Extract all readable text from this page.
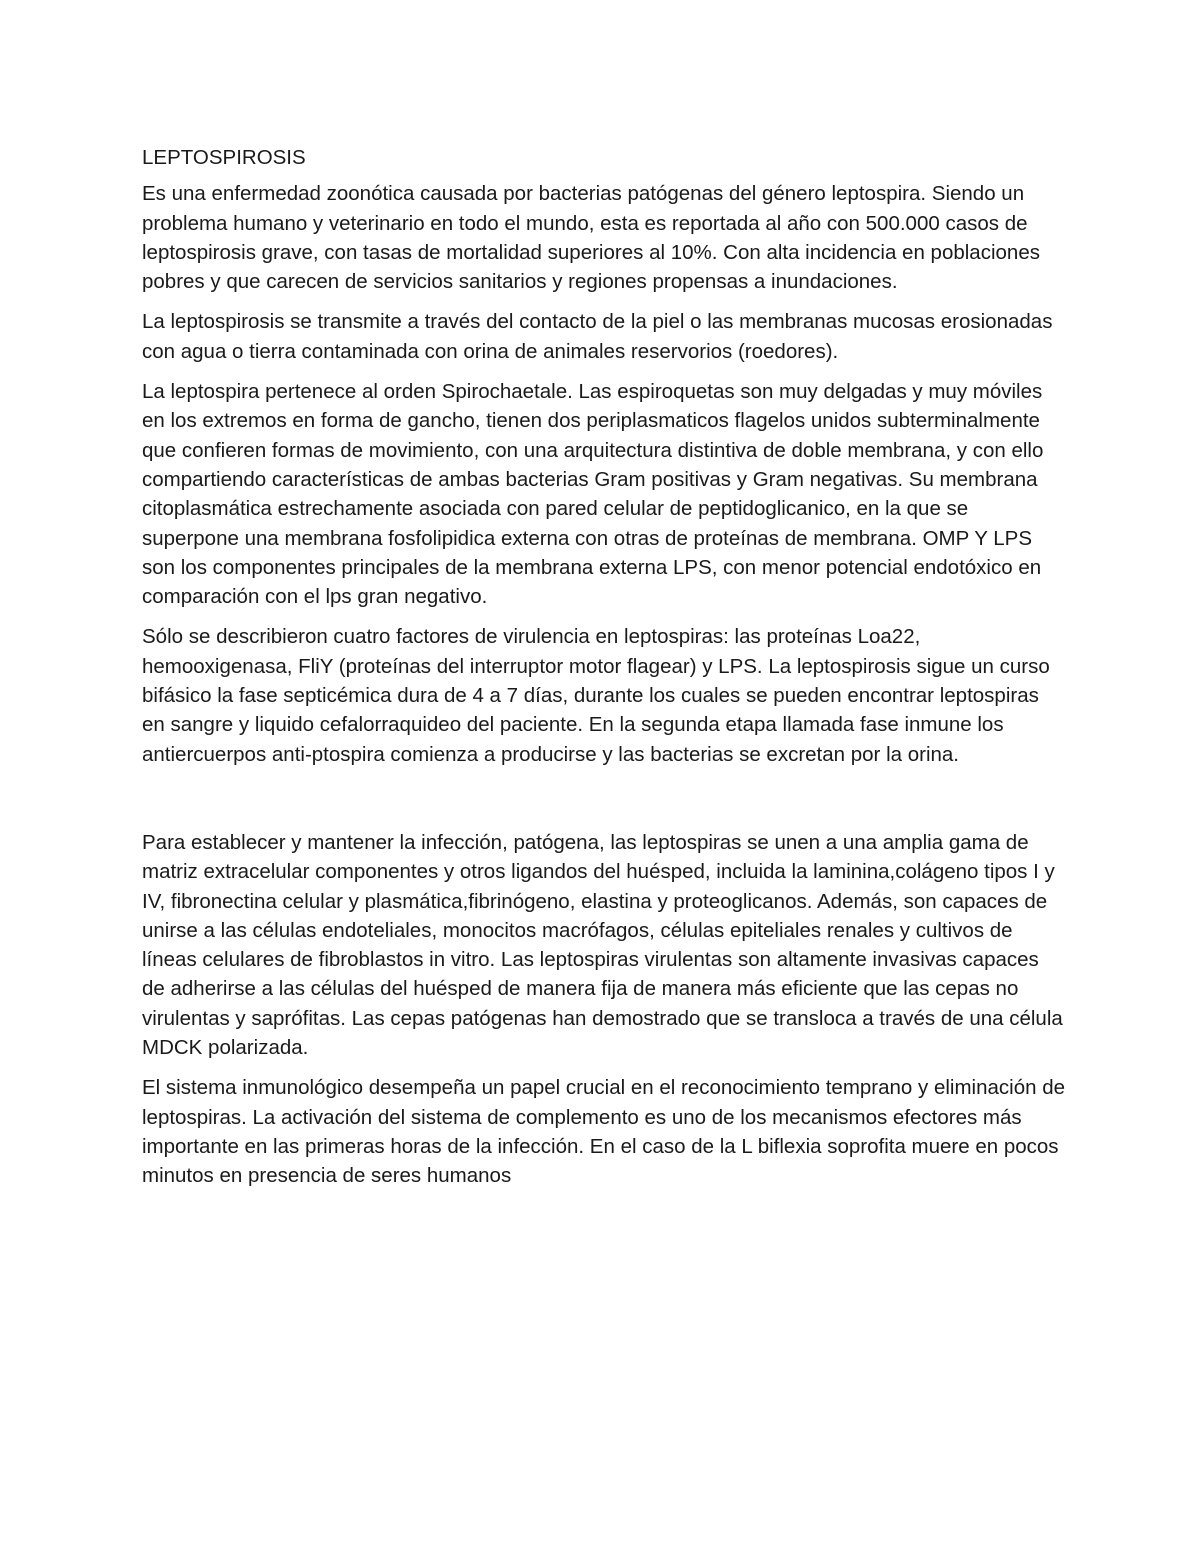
LEPTOSPIROSIS

Es una enfermedad zoonótica causada por bacterias patógenas del género leptospira. Siendo un problema humano y veterinario en todo el mundo, esta es reportada al año con 500.000 casos de leptospirosis grave, con tasas de mortalidad superiores al 10%. Con alta incidencia en poblaciones pobres y que carecen de servicios sanitarios y regiones propensas a inundaciones.

La leptospirosis se transmite a través del contacto de la piel o las membranas mucosas erosionadas con agua o tierra contaminada con orina de animales reservorios (roedores).

La leptospira pertenece al orden Spirochaetale. Las espiroquetas son muy delgadas y muy móviles en los extremos en forma de gancho, tienen dos periplasmaticos flagelos unidos subterminalmente que confieren formas de movimiento, con una arquitectura distintiva de doble membrana, y con ello compartiendo características de ambas bacterias Gram positivas y Gram negativas. Su membrana citoplasmática estrechamente asociada con pared celular de peptidoglicanico, en la que se superpone una membrana fosfolipidica externa con otras de proteínas de membrana. OMP Y LPS son los componentes principales de la membrana externa LPS, con menor potencial endotóxico en comparación con el lps gran negativo.

Sólo se describieron cuatro factores de virulencia en leptospiras: las proteínas Loa22, hemooxigenasa, FliY (proteínas del interruptor motor flagear) y LPS. La leptospirosis sigue un curso bifásico la fase septicémica dura de 4 a 7 días, durante los cuales se pueden encontrar leptospiras en sangre y liquido cefalorraquideo del paciente. En la segunda etapa llamada fase inmune los antiercuerpos anti-ptospira comienza a producirse y las bacterias se excretan por la orina.

Para establecer y mantener la infección, patógena, las leptospiras se unen a una amplia gama de matriz extracelular componentes y otros ligandos del huésped, incluida la laminina,colágeno tipos I y IV, fibronectina celular y plasmática,fibrinógeno, elastina y proteoglicanos. Además, son capaces de unirse a las células endoteliales, monocitos macrófagos, células epiteliales renales y cultivos de líneas celulares de fibroblastos in vitro. Las leptospiras virulentas son altamente invasivas capaces de adherirse a las células del huésped de manera fija de manera más eficiente que las cepas no virulentas y saprófitas. Las cepas patógenas han demostrado que se transloca a través de una célula MDCK polarizada.

El sistema inmunológico desempeña un papel crucial en el reconocimiento temprano y eliminación de leptospiras. La activación del sistema de complemento es uno de los mecanismos efectores más importante en las primeras horas de la infección. En el caso de la L biflexia soprofita muere en pocos minutos en presencia de seres humanos
